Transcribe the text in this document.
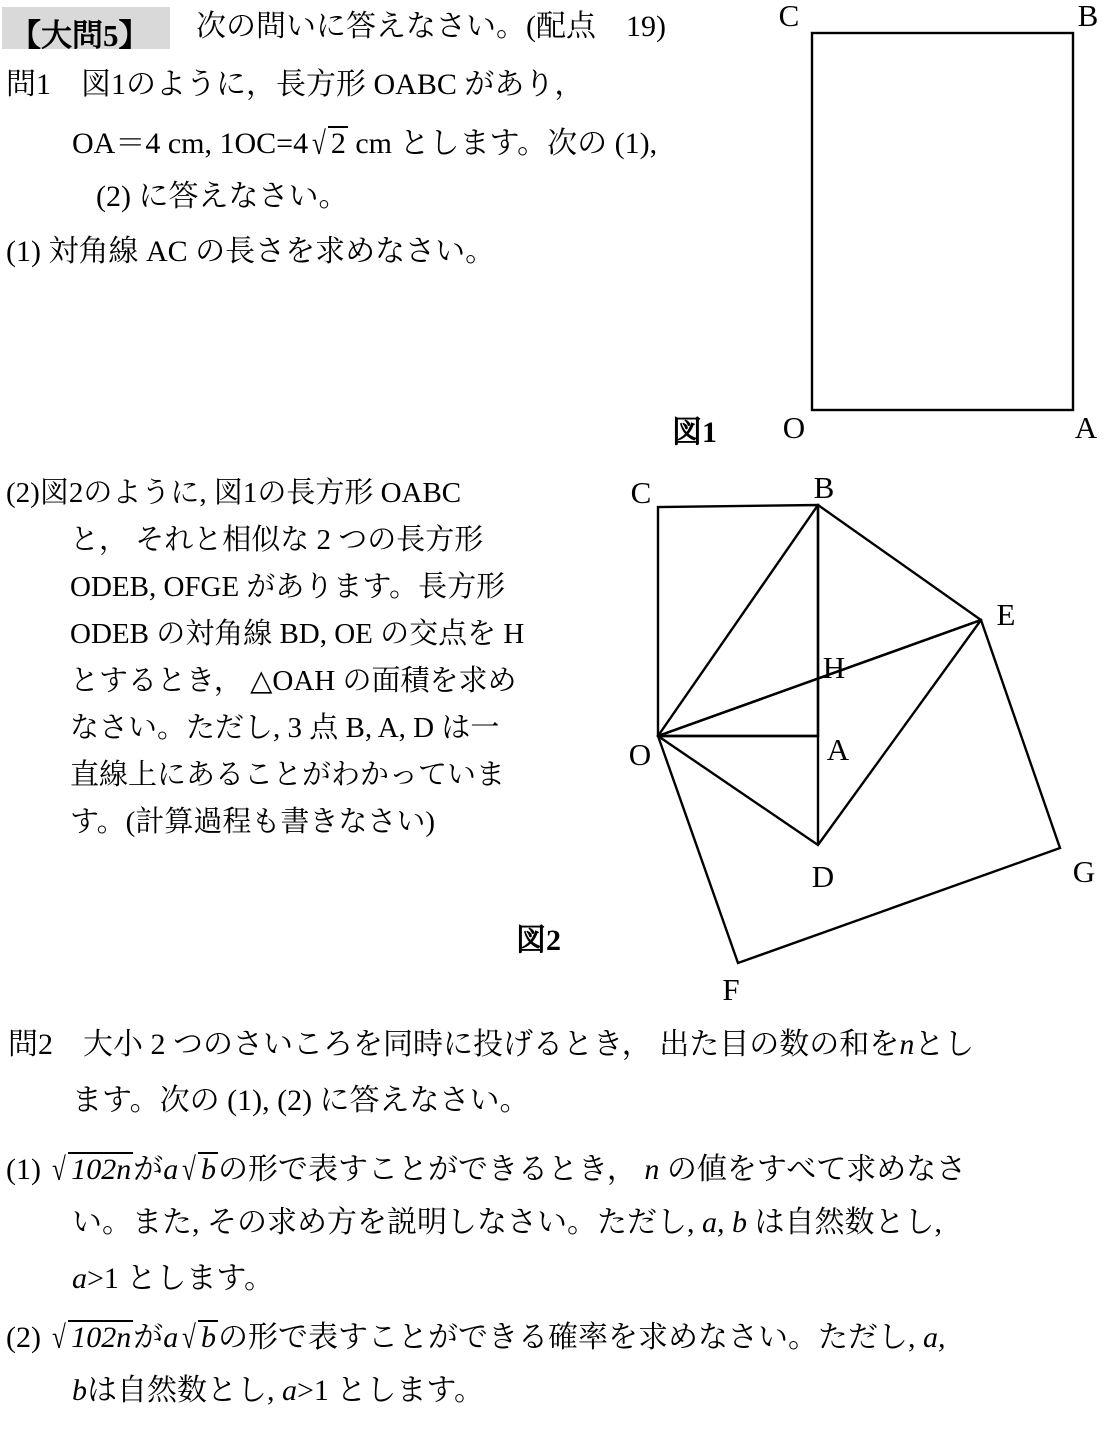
【大問5】 次の問いに答えなさい。(配点　19)
問1　図1のように，長方形 OABC があり，
OA＝4 cm, 1OC=4 √ 2 cm とします。次の (1),
(2) に答えなさい。
(1) 対角線 AC の長さを求めなさい。
(2)図2のように, 図1の長方形 OABC
と， それと相似な 2 つの長方形
ODEB, OFGE があります。長方形
ODEB の対角線 BD, OE の交点を H
とするとき， △OAH の面積を求め
なさい。ただし, 3 点 B, A, D は一
直線上にあることがわかっていま
す。(計算過程も書きなさい)
C	B
O	A
図1
C	B
O	A
H
E
D
F
G
図2
問2　大小 2 つのさいころを同時に投げるとき， 出た目の数の和をnとし
ます。次の (1), (2) に答えなさい。
(1) √ 102nがa √ bの形で表すことができるとき， n の値をすべて求めなさ
い。また, その求め方を説明しなさい。ただし, a, b は自然数とし,
a>1 とします。
(2) √ 102nがa √ bの形で表すことができる確率を求めなさい。ただし, a,
bは自然数とし, a>1 とします。
